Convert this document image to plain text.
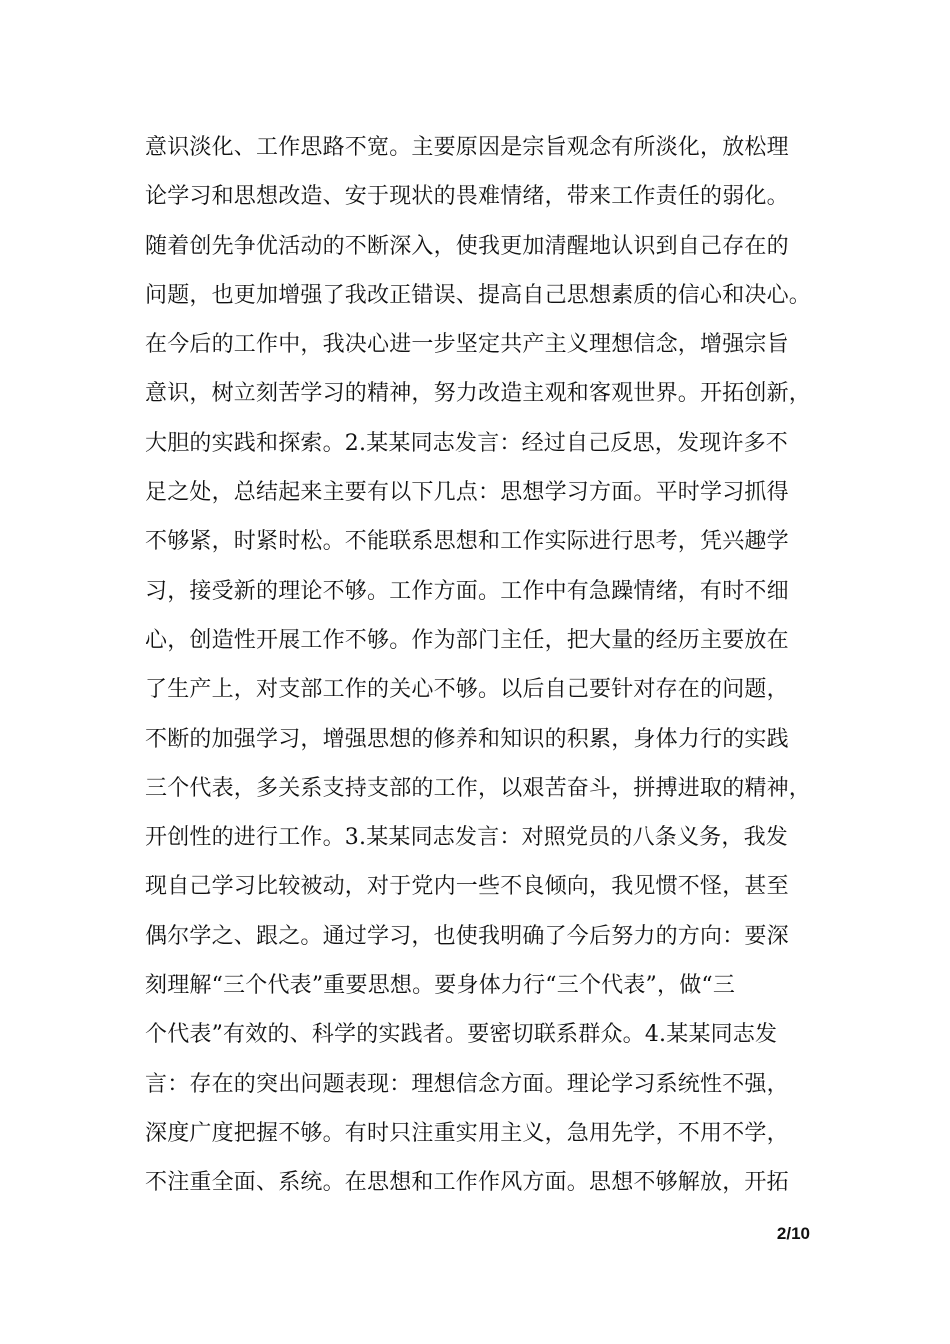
意识淡化、工作思路不宽。主要原因是宗旨观念有所淡化，放松理
论学习和思想改造、安于现状的畏难情绪，带来工作责任的弱化。
随着创先争优活动的不断深入，使我更加清醒地认识到自己存在的
问题，也更加增强了我改正错误、提高自己思想素质的信心和决心。
在今后的工作中，我决心进一步坚定共产主义理想信念，增强宗旨
意识，树立刻苦学习的精神，努力改造主观和客观世界。开拓创新，
大胆的实践和探索。2.某某同志发言：经过自己反思，发现许多不
足之处，总结起来主要有以下几点：思想学习方面。平时学习抓得
不够紧，时紧时松。不能联系思想和工作实际进行思考，凭兴趣学
习，接受新的理论不够。工作方面。工作中有急躁情绪，有时不细
心，创造性开展工作不够。作为部门主任，把大量的经历主要放在
了生产上，对支部工作的关心不够。以后自己要针对存在的问题，
不断的加强学习，增强思想的修养和知识的积累，身体力行的实践
三个代表，多关系支持支部的工作，以艰苦奋斗，拼搏进取的精神，
开创性的进行工作。3.某某同志发言：对照党员的八条义务，我发
现自己学习比较被动，对于党内一些不良倾向，我见惯不怪，甚至
偶尔学之、跟之。通过学习，也使我明确了今后努力的方向：要深
刻理解“三个代表”重要思想。要身体力行“三个代表”，做“三
个代表”有效的、科学的实践者。要密切联系群众。4.某某同志发
言：存在的突出问题表现：理想信念方面。理论学习系统性不强，
深度广度把握不够。有时只注重实用主义，急用先学，不用不学，
不注重全面、系统。在思想和工作作风方面。思想不够解放，开拓
2/10
